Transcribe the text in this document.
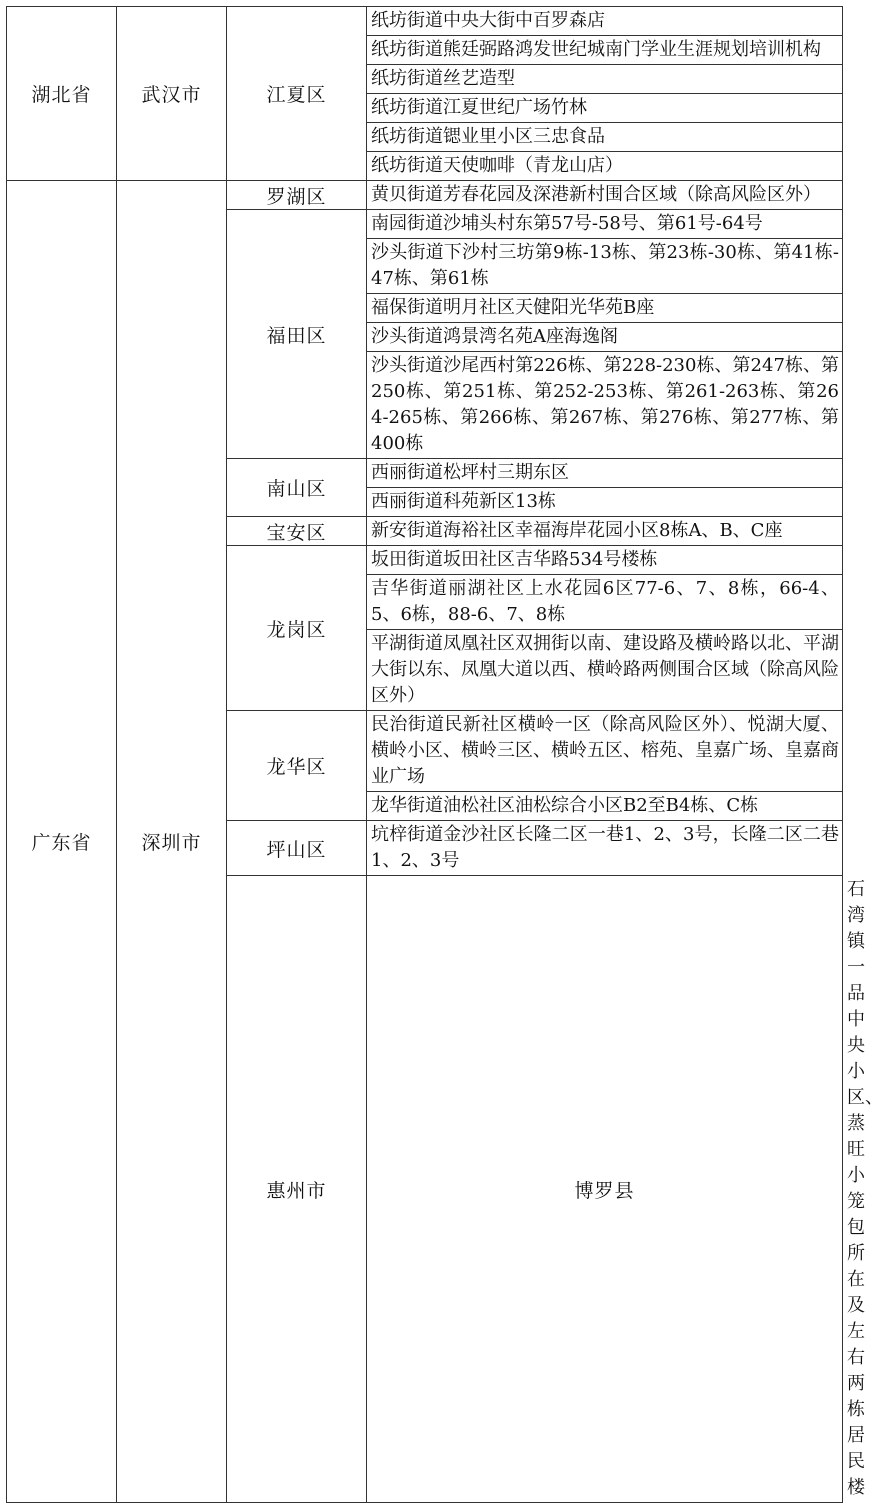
湖北省	武汉市	江夏区	纸坊街道中央大街中百罗森店	
			纸坊街道熊廷弼路鸿发世纪城南门学业生涯规划培训机构	
			纸坊街道丝艺造型	
			纸坊街道江夏世纪广场竹林	
			纸坊街道锶业里小区三忠食品	
			纸坊街道天使咖啡（青龙山店）	
广东省	深圳市	罗湖区	黄贝街道芳春花园及深港新村围合区域（除高风险区外）	
		福田区	南园街道沙埔头村东第57号-58号、第61号-64号	
			沙头街道下沙村三坊第9栋-13栋、第23栋-30栋、第41栋-47栋、第61栋	
			福保街道明月社区天健阳光华苑B座	
			沙头街道鸿景湾名苑A座海逸阁	
			沙头街道沙尾西村第226栋、第228-230栋、第247栋、第250栋、第251栋、第252-253栋、第261-263栋、第264-265栋、第266栋、第267栋、第276栋、第277栋、第400栋	
		南山区	西丽街道松坪村三期东区	
			西丽街道科苑新区13栋	
		宝安区	新安街道海裕社区幸福海岸花园小区8栋A、B、C座	
		龙岗区	坂田街道坂田社区吉华路534号楼栋	
			吉华街道丽湖社区上水花园6区77-6、7、8栋，66-4、5、6栋，88-6、7、8栋	
			平湖街道凤凰社区双拥街以南、建设路及横岭路以北、平湖大街以东、凤凰大道以西、横岭路两侧围合区域（除高风险区外）	
		龙华区	民治街道民新社区横岭一区（除高风险区外）、悦湖大厦、横岭小区、横岭三区、横岭五区、榕苑、皇嘉广场、皇嘉商业广场	
			龙华街道油松社区油松综合小区B2至B4栋、C栋	
		坪山区	坑梓街道金沙社区长隆二区一巷1、2、3号，长隆二区二巷1、2、3号	
		惠州市	博罗县	石湾镇一品中央小区、蒸旺小笼包所在及左右两栋居民楼
